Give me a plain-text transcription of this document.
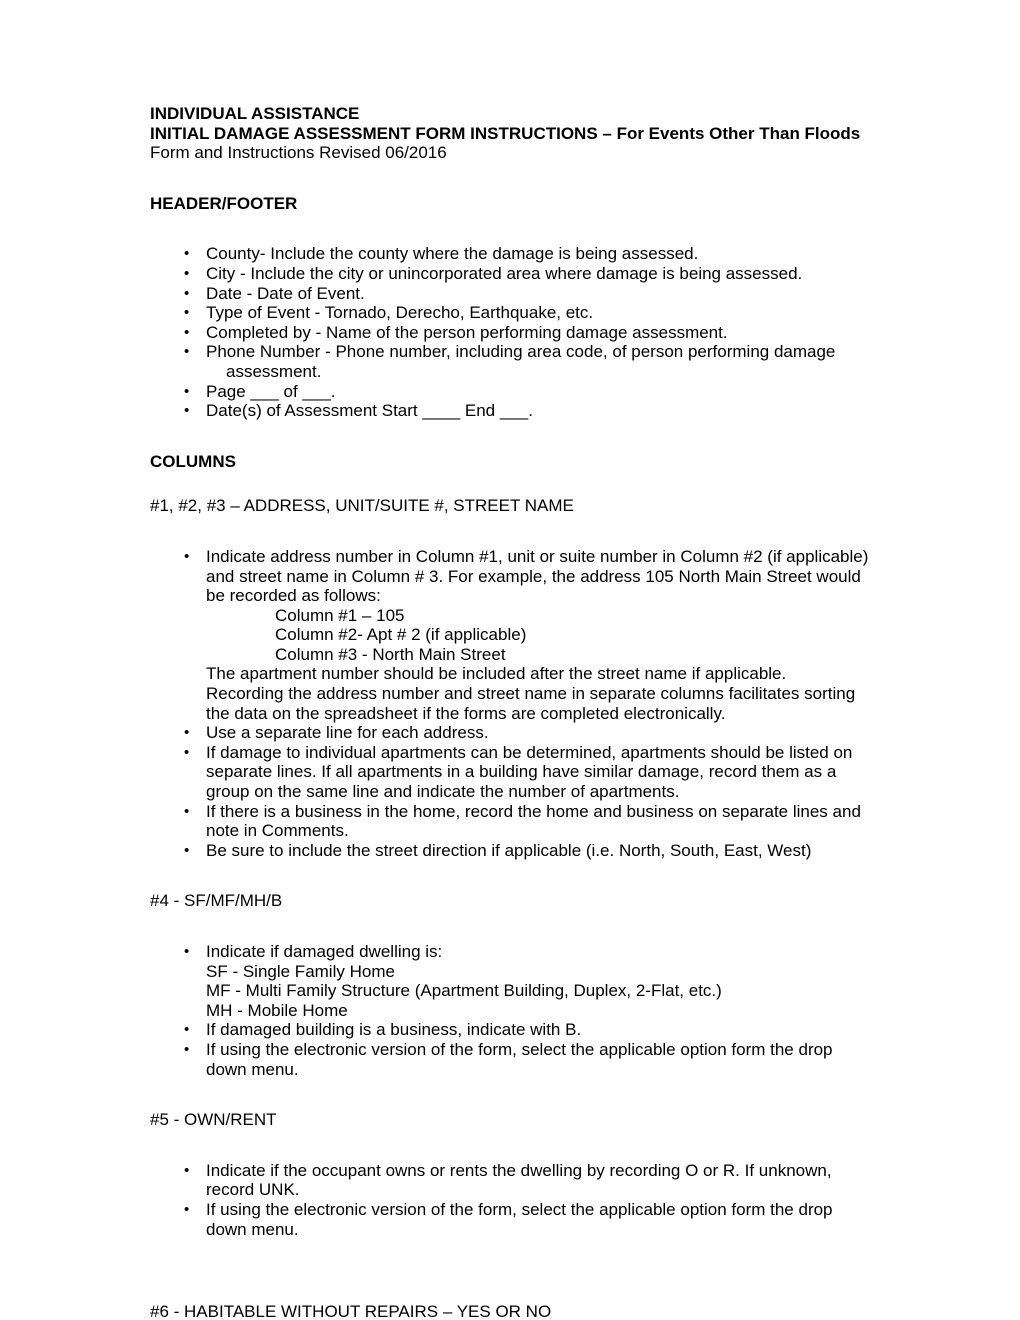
INDIVIDUAL ASSISTANCE
INITIAL DAMAGE ASSESSMENT FORM INSTRUCTIONS – For Events Other Than Floods
Form and Instructions Revised 06/2016
HEADER/FOOTER
• County- Include the county where the damage is being assessed.
• City - Include the city or unincorporated area where damage is being assessed.
• Date - Date of Event.
• Type of Event - Tornado, Derecho, Earthquake, etc.
• Completed by - Name of the person performing damage assessment.
• Phone Number - Phone number, including area code, of person performing damage
assessment.
• Page ___ of ___.
• Date(s) of Assessment Start ____ End ___.
COLUMNS
#1, #2, #3 – ADDRESS, UNIT/SUITE #, STREET NAME
• Indicate address number in Column #1, unit or suite number in Column #2 (if applicable) and street name in Column # 3. For example, the address 105 North Main Street would be recorded as follows:
Column #1 – 105
Column #2- Apt # 2 (if applicable)
Column #3 - North Main Street
The apartment number should be included after the street name if applicable.
Recording the address number and street name in separate columns facilitates sorting the data on the spreadsheet if the forms are completed electronically.
• Use a separate line for each address.
• If damage to individual apartments can be determined, apartments should be listed on separate lines. If all apartments in a building have similar damage, record them as a group on the same line and indicate the number of apartments.
• If there is a business in the home, record the home and business on separate lines and note in Comments.
• Be sure to include the street direction if applicable (i.e. North, South, East, West)
#4 - SF/MF/MH/B
• Indicate if damaged dwelling is:
SF - Single Family Home
MF - Multi Family Structure (Apartment Building, Duplex, 2-Flat, etc.)
MH - Mobile Home
• If damaged building is a business, indicate with B.
• If using the electronic version of the form, select the applicable option form the drop down menu.
#5 - OWN/RENT
• Indicate if the occupant owns or rents the dwelling by recording O or R. If unknown, record UNK.
• If using the electronic version of the form, select the applicable option form the drop down menu.
#6 - HABITABLE WITHOUT REPAIRS – YES OR NO
